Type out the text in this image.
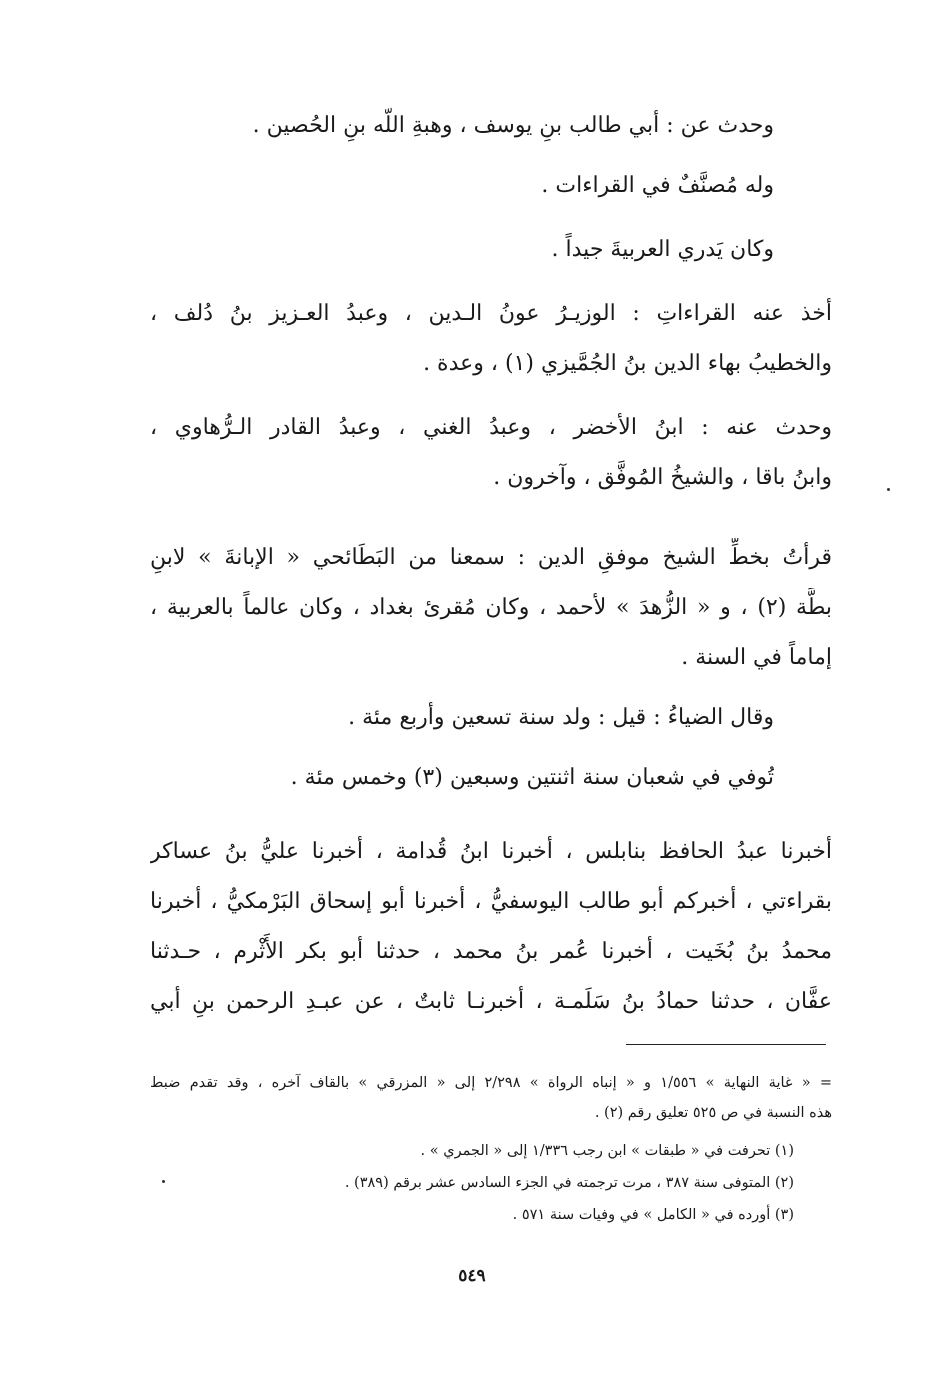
وحدث عن : أبي طالب بنِ يوسف ، وهبةِ اللّه بنِ الحُصين .
وله مُصنَّفٌ في القراءات .
وكان يَدري العربيةَ جيداً .
أخذ عنه القراءاتِ : الوزيـرُ عونُ الـدين ، وعبدُ العـزيز بنُ دُلف ،
والخطيبُ بهاء الدين بنُ الجُمَّيزي (١) ، وعدة .
وحدث عنه : ابنُ الأخضر ، وعبدُ الغني ، وعبدُ القادر الـرُّهاوي ،
وابنُ باقا ، والشيخُ المُوفَّق ، وآخرون .
قرأتُ بخطِّ الشيخ موفقِ الدين : سمعنا من البَطَائحي « الإبانةَ » لابنِ
بطَّة (٢) ، و « الزُّهدَ » لأحمد ، وكان مُقرئ بغداد ، وكان عالماً بالعربية ،
إماماً في السنة .
وقال الضياءُ : قيل : ولد سنة تسعين وأربع مئة .
تُوفي في شعبان سنة اثنتين وسبعين (٣) وخمس مئة .
أخبرنا عبدُ الحافظ بنابلس ، أخبرنا ابنُ قُدامة ، أخبرنا عليُّ بنُ عساكر
بقراءتي ، أخبركم أبو طالب اليوسفيُّ ، أخبرنا أبو إسحاق البَرْمكيُّ ، أخبرنا
محمدُ بنُ بُخَيت ، أخبرنا عُمر بنُ محمد ، حدثنا أبو بكر الأَثْرم ، حـدثنا
عفَّان ، حدثنا حمادُ بنُ سَلَمـة ، أخبرنـا ثابتٌ ، عن عبـدِ الرحمن بنِ أبي
= « غاية النهاية » ١/٥٥٦ و « إنباه الرواة » ٢/٢٩٨ إلى « المزرقي » بالقاف آخره ، وقد تقدم ضبط
هذه النسبة في ص ٥٢٥ تعليق رقم (٢) .
(١) تحرفت في « طبقات » ابن رجب ١/٣٣٦ إلى « الجمري » .
(٢) المتوفى سنة ٣٨٧ ، مرت ترجمته في الجزء السادس عشر برقم (٣٨٩) .
(٣) أورده في « الكامل » في وفيات سنة ٥٧١ .
٥٤٩
